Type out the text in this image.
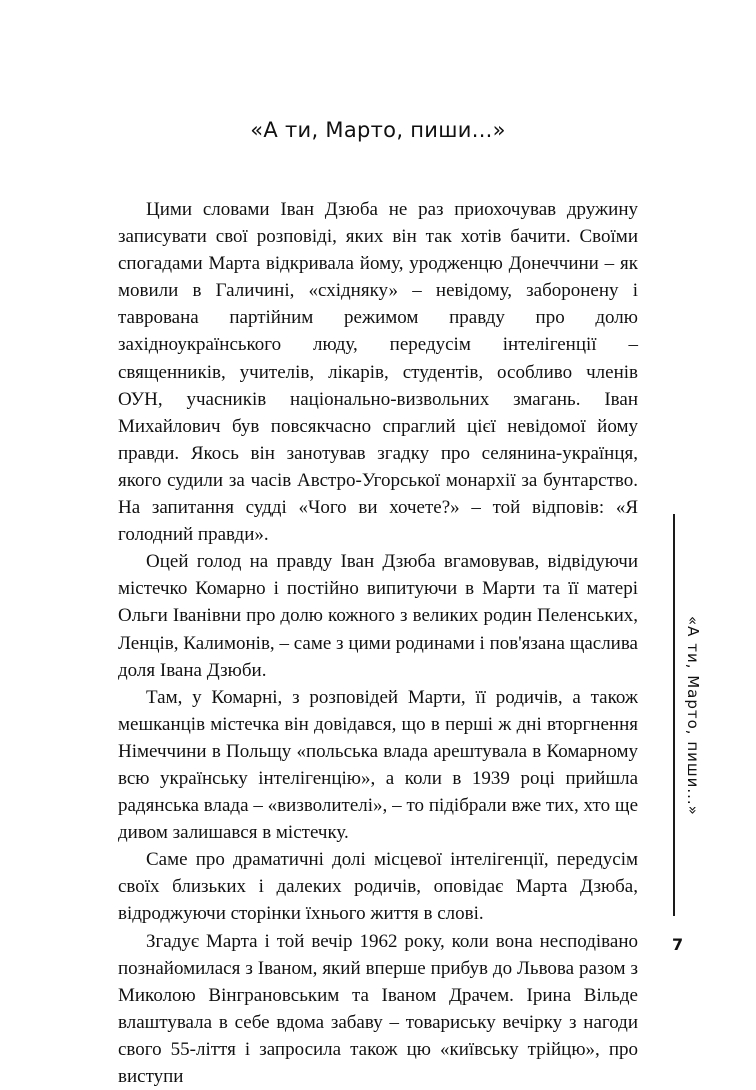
«А ти, Марто, пиши...»

Цими словами Іван Дзюба не раз приохочував дружину записувати свої розповіді, яких він так хотів бачити. Своїми спогадами Марта відкривала йому, уродженцю Донеччини – як мовили в Галичині, «східняку» – невідому, заборонену і таврована партійним режимом правду про долю західноукраїнського люду, передусім інтелігенції – священників, учителів, лікарів, студентів, особливо членів ОУН, учасників національно-визвольних змагань. Іван Михайлович був повсякчасно спраглий цієї невідомої йому правди. Якось він занотував згадку про селянина-українця, якого судили за часів Австро-Угорської монархії за бунтарство. На запитання судді «Чого ви хочете?» – той відповів: «Я голодний правди».

Оцей голод на правду Іван Дзюба вгамовував, відвідуючи містечко Комарно і постійно випитуючи в Марти та її матері Ольги Іванівни про долю кожного з великих родин Пеленських, Ленців, Калимонів, – саме з цими родинами і пов'язана щаслива доля Івана Дзюби.

Там, у Комарні, з розповідей Марти, її родичів, а також мешканців містечка він довідався, що в перші ж дні вторгнення Німеччини в Польщу «польська влада арештувала в Комарному всю українську інтелігенцію», а коли в 1939 році прийшла радянська влада – «визволителі», – то підібрали вже тих, хто ще дивом залишався в містечку.

Саме про драматичні долі місцевої інтелігенції, передусім своїх близьких і далеких родичів, оповідає Марта Дзюба, відроджуючи сторінки їхнього життя в слові.

Згадує Марта і той вечір 1962 року, коли вона несподівано познайомилася з Іваном, який вперше прибув до Львова разом з Миколою Вінграновським та Іваном Драчем. Ірина Вільде влаштувала в себе вдома забаву – товариську вечірку з нагоди свого 55-ліття і запросила також цю «київську трійцю», про виступи

«А ти, Марто, пиши...»
7
